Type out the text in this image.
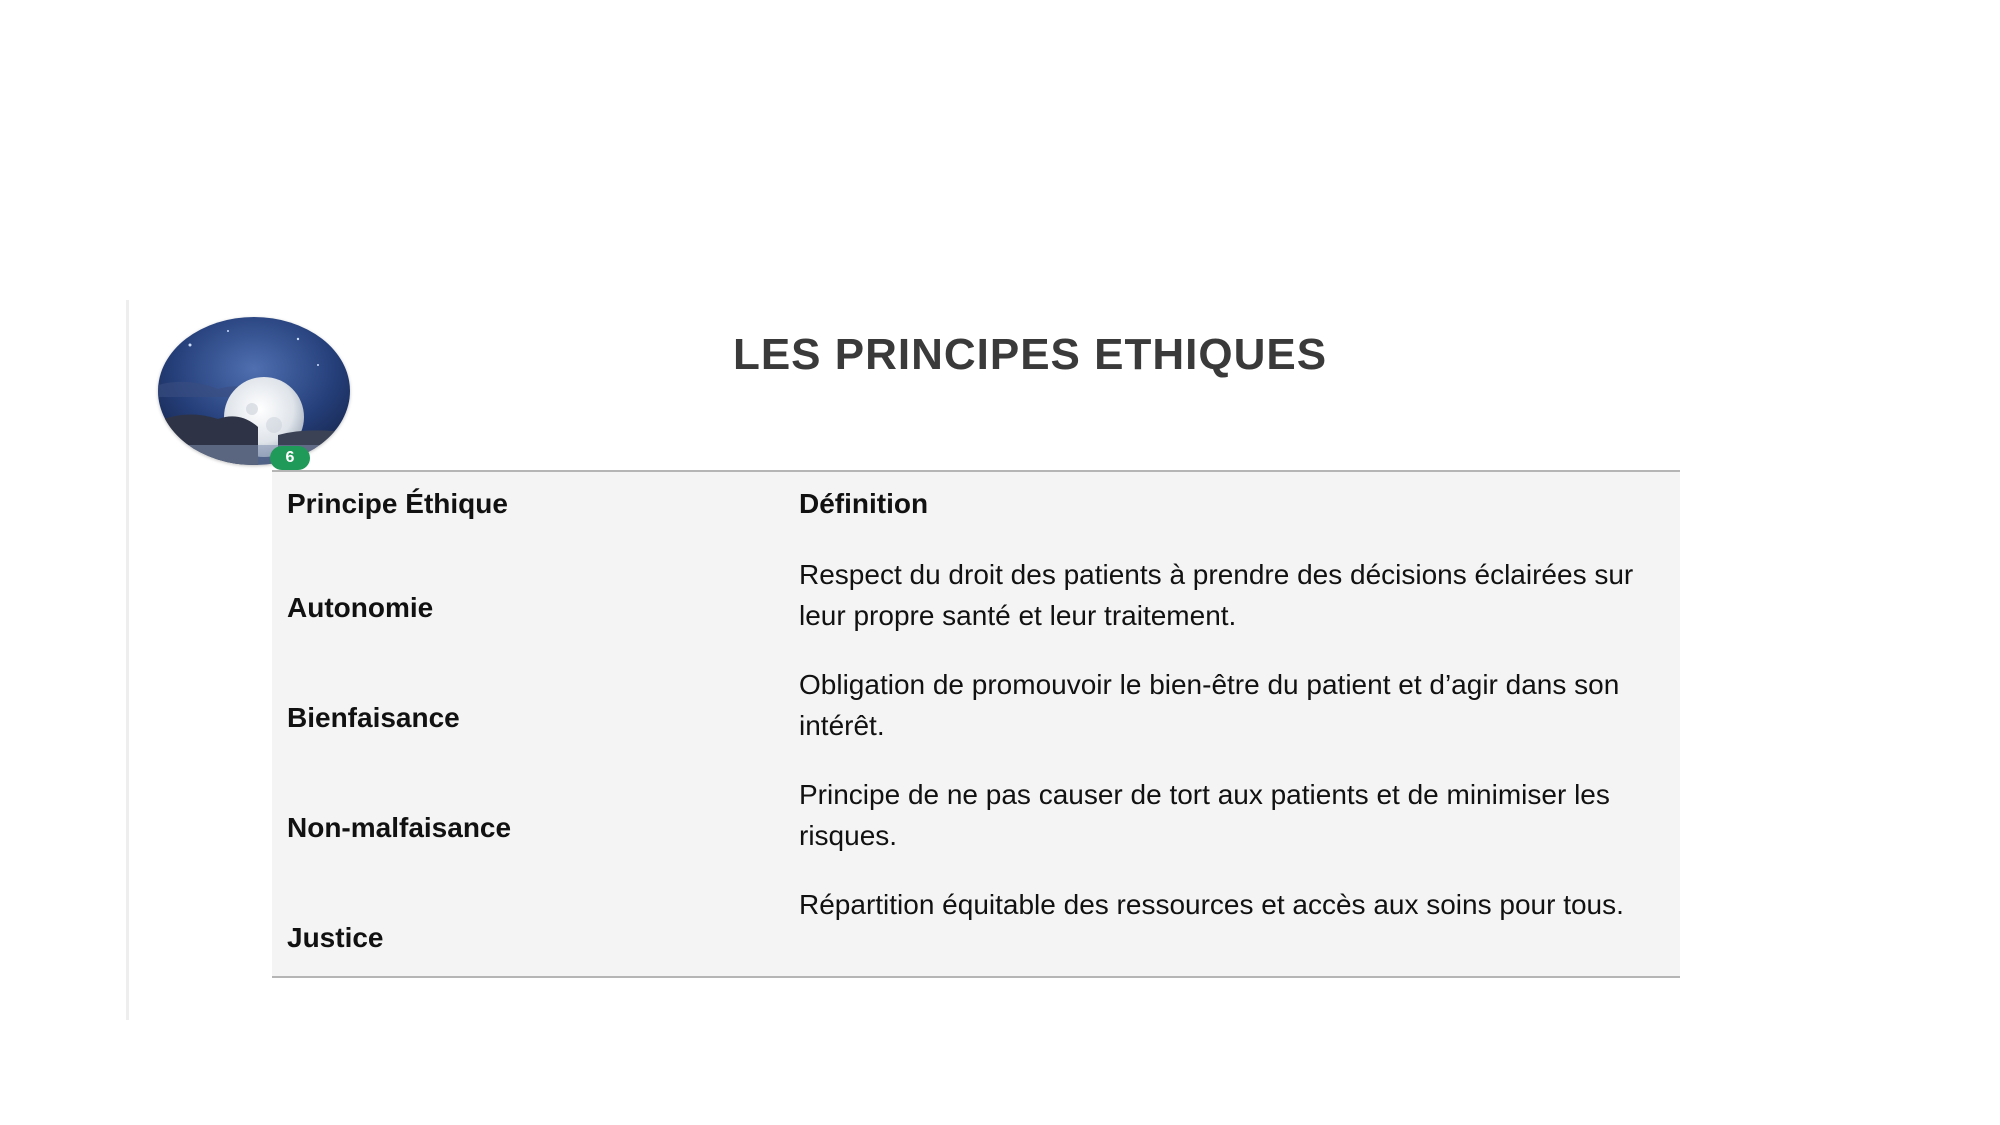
6
LES PRINCIPES ETHIQUES
Principe Éthique	Définition
Autonomie
Respect du droit des patients à prendre des décisions éclairées sur leur propre santé et leur traitement.
Bienfaisance
Obligation de promouvoir le bien-être du patient et d’agir dans son intérêt.
Non-malfaisance
Principe de ne pas causer de tort aux patients et de minimiser les risques.
Justice
Répartition équitable des ressources et accès aux soins pour tous.
